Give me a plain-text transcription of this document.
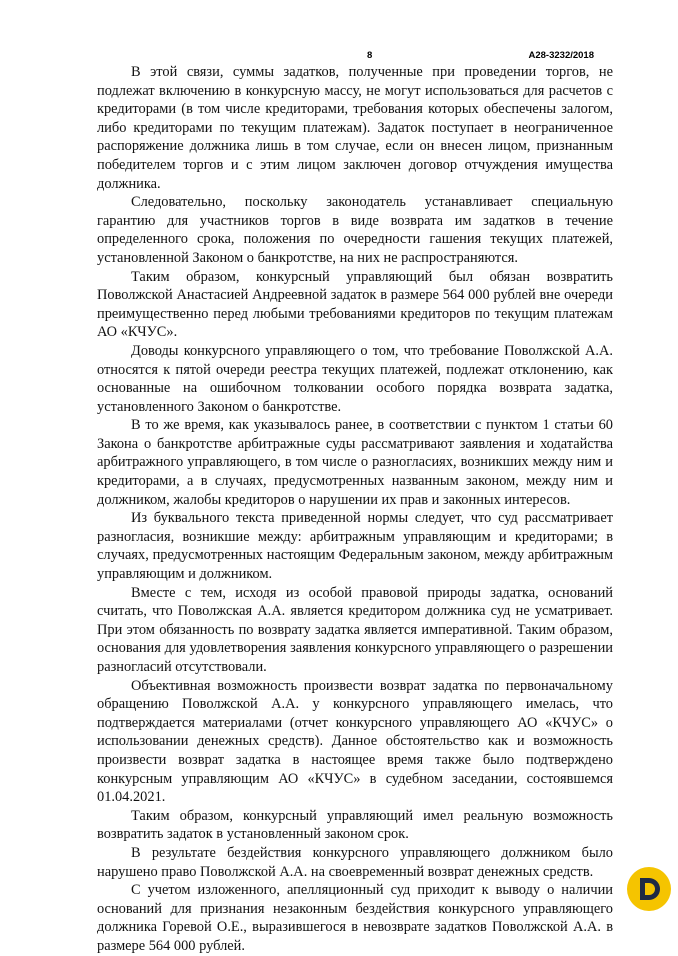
8	А28-3232/2018

В этой связи, суммы задатков, полученные при проведении торгов, не подлежат включению в конкурсную массу, не могут использоваться для расчетов с кредиторами (в том числе кредиторами, требования которых обеспечены залогом, либо кредиторами по текущим платежам). Задаток поступает в неограниченное распоряжение должника лишь в том случае, если он внесен лицом, признанным победителем торгов и с этим лицом заключен договор отчуждения имущества должника.

Следовательно, поскольку законодатель устанавливает специальную гарантию для участников торгов в виде возврата им задатков в течение определенного срока, положения по очередности гашения текущих платежей, установленной Законом о банкротстве, на них не распространяются.

Таким образом, конкурсный управляющий был обязан возвратить Поволжской Анастасией Андреевной задаток в размере 564 000 рублей вне очереди преимущественно перед любыми требованиями кредиторов по текущим платежам АО «КЧУС».

Доводы конкурсного управляющего о том, что требование Поволжской А.А. относятся к пятой очереди реестра текущих платежей, подлежат отклонению, как основанные на ошибочном толковании особого порядка возврата задатка, установленного Законом о банкротстве.

В то же время, как указывалось ранее, в соответствии с пунктом 1 статьи 60 Закона о банкротстве арбитражные суды рассматривают заявления и ходатайства арбитражного управляющего, в том числе о разногласиях, возникших между ним и кредиторами, а в случаях, предусмотренных названным законом, между ним и должником, жалобы кредиторов о нарушении их прав и законных интересов.

Из буквального текста приведенной нормы следует, что суд рассматривает разногласия, возникшие между: арбитражным управляющим и кредиторами; в случаях, предусмотренных настоящим Федеральным законом, между арбитражным управляющим и должником.

Вместе с тем, исходя из особой правовой природы задатка, оснований считать, что Поволжская А.А. является кредитором должника суд не усматривает. При этом обязанность по возврату задатка является императивной. Таким образом, основания для удовлетворения заявления конкурсного управляющего о разрешении разногласий отсутствовали.

Объективная возможность произвести возврат задатка по первоначальному обращению Поволжской А.А. у конкурсного управляющего имелась, что подтверждается материалами (отчет конкурсного управляющего АО «КЧУС» о использовании денежных средств). Данное обстоятельство как и возможность произвести возврат задатка в настоящее время также было подтверждено конкурсным управляющим АО «КЧУС» в судебном заседании, состоявшемся 01.04.2021.

Таким образом, конкурсный управляющий имел реальную возможность возвратить задаток в установленный законом срок.

В результате бездействия конкурсного управляющего должником было нарушено право Поволжской А.А. на своевременный возврат денежных средств.

С учетом изложенного, апелляционный суд приходит к выводу о наличии оснований для признания незаконным бездействия конкурсного управляющего должника Горевой О.Е., выразившегося в невозврате задатков Поволжской А.А. в размере 564 000 рублей.
